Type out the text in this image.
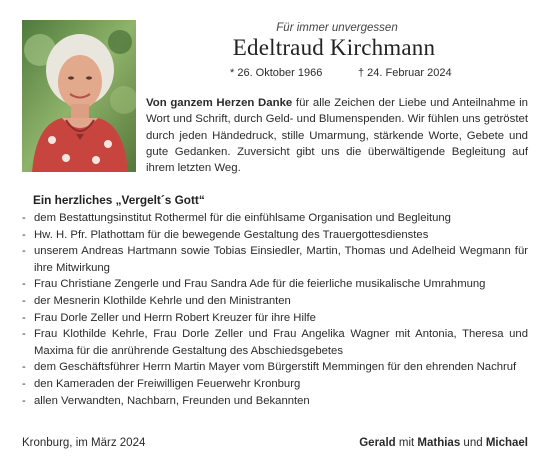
Für immer unvergessen
Edeltraud Kirchmann
* 26. Oktober 1966	† 24. Februar 2024
Von ganzem Herzen Danke für alle Zeichen der Liebe und Anteilnahme in Wort und Schrift, durch Geld- und Blumenspenden. Wir fühlen uns getröstet durch jeden Händedruck, stille Umarmung, stärkende Worte, Gebete und gute Gedanken. Zuversicht gibt uns die überwältigende Begleitung auf ihrem letzten Weg.
Ein herzliches „Vergelt´s Gott“
- dem Bestattungsinstitut Rothermel für die einfühlsame Organisation und Begleitung
- Hw. H. Pfr. Plathottam für die bewegende Gestaltung des Trauergottesdienstes
- unserem Andreas Hartmann sowie Tobias Einsiedler, Martin, Thomas und Adelheid Wegmann für ihre Mitwirkung
- Frau Christiane Zengerle und Frau Sandra Ade für die feierliche musikalische Umrahmung
- der Mesnerin Klothilde Kehrle und den Ministranten
- Frau Dorle Zeller und Herrn Robert Kreuzer für ihre Hilfe
- Frau Klothilde Kehrle, Frau Dorle Zeller und Frau Angelika Wagner mit Antonia, Theresa und Maxima für die anrührende Gestaltung des Abschiedsgebetes
- dem Geschäftsführer Herrn Martin Mayer vom Bürgerstift Memmingen für den ehrenden Nachruf
- den Kameraden der Freiwilligen Feuerwehr Kronburg
- allen Verwandten, Nachbarn, Freunden und Bekannten
Kronburg, im März 2024	Gerald mit Mathias und Michael
